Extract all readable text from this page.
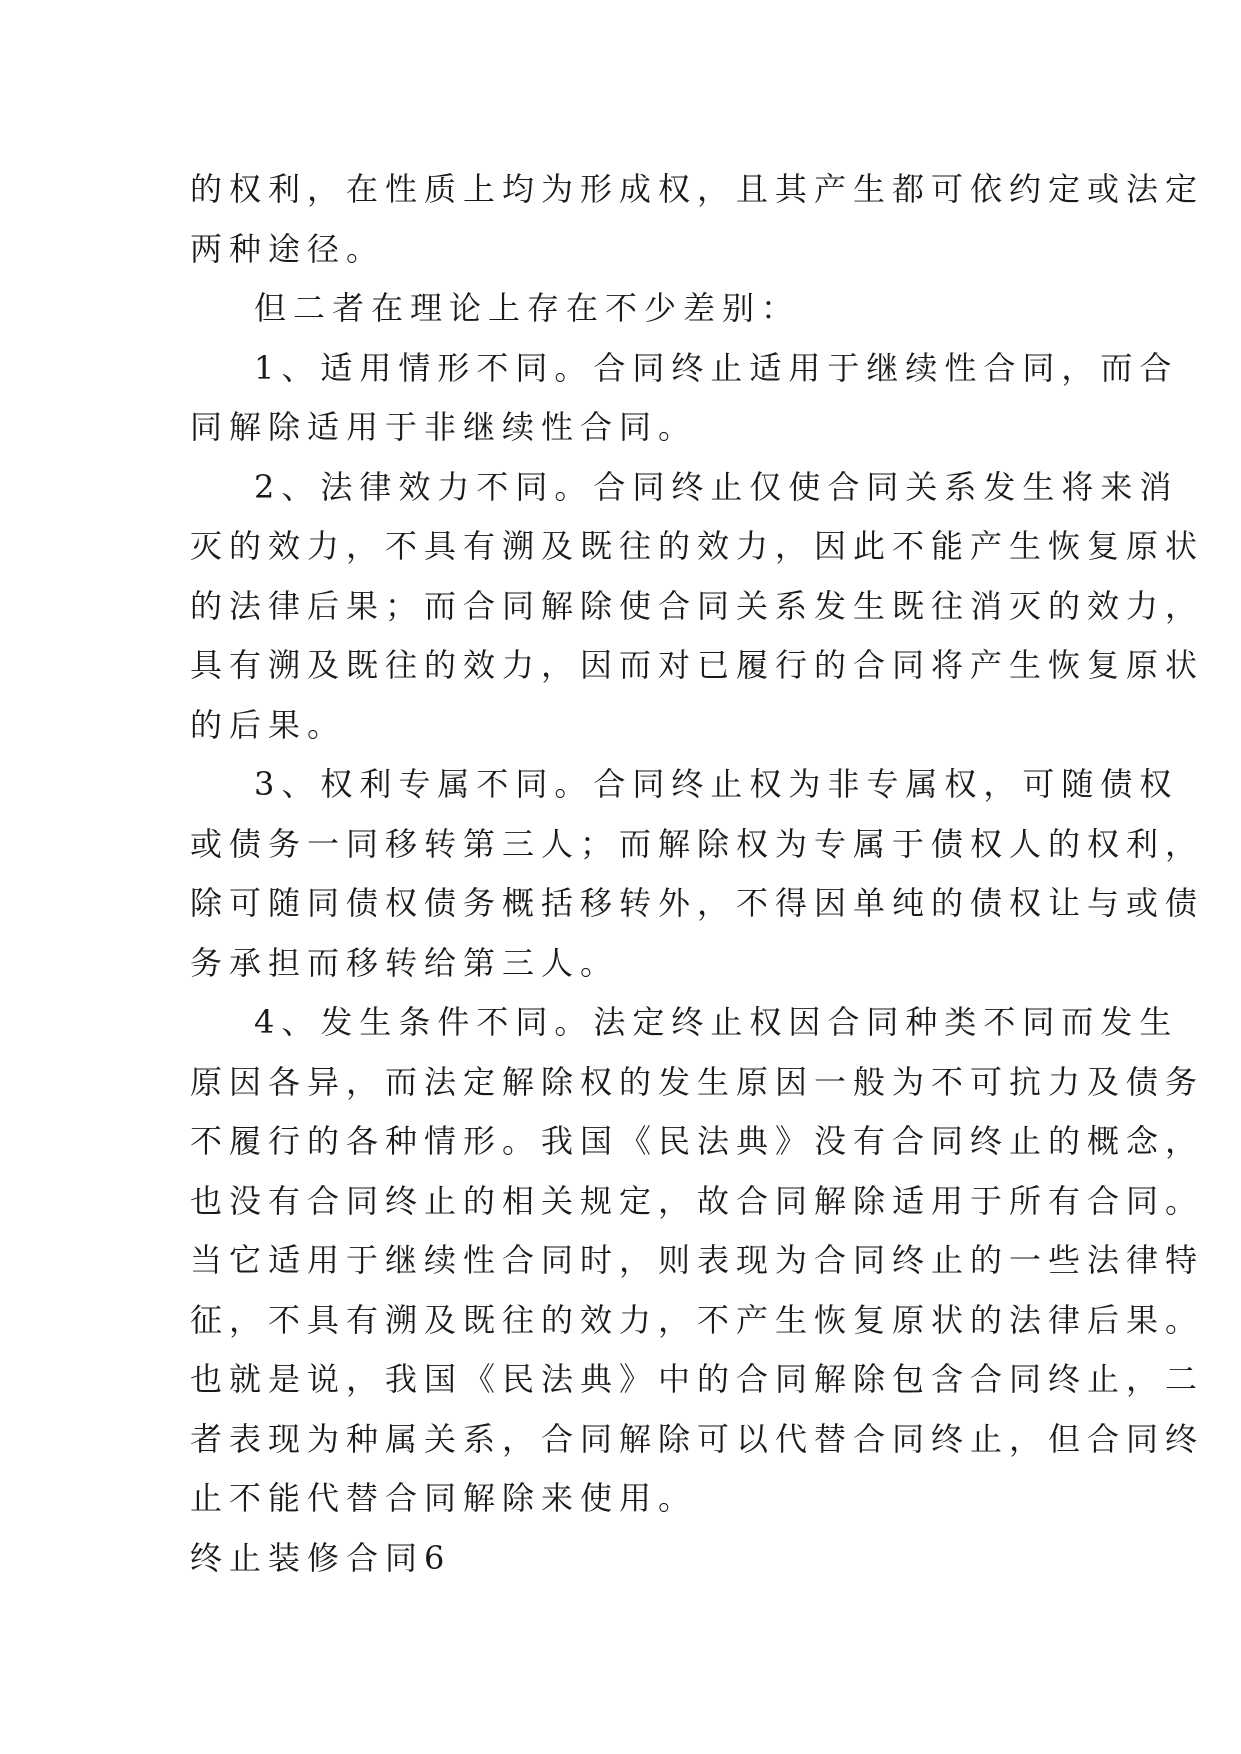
的权利，在性质上均为形成权，且其产生都可依约定或法定
两种途径。
但二者在理论上存在不少差别：
1、适用情形不同。合同终止适用于继续性合同，而合
同解除适用于非继续性合同。
2、法律效力不同。合同终止仅使合同关系发生将来消
灭的效力，不具有溯及既往的效力，因此不能产生恢复原状
的法律后果；而合同解除使合同关系发生既往消灭的效力，
具有溯及既往的效力，因而对已履行的合同将产生恢复原状
的后果。
3、权利专属不同。合同终止权为非专属权，可随债权
或债务一同移转第三人；而解除权为专属于债权人的权利，
除可随同债权债务概括移转外，不得因单纯的债权让与或债
务承担而移转给第三人。
4、发生条件不同。法定终止权因合同种类不同而发生
原因各异，而法定解除权的发生原因一般为不可抗力及债务
不履行的各种情形。我国《民法典》没有合同终止的概念，
也没有合同终止的相关规定，故合同解除适用于所有合同。
当它适用于继续性合同时，则表现为合同终止的一些法律特
征，不具有溯及既往的效力，不产生恢复原状的法律后果。
也就是说，我国《民法典》中的合同解除包含合同终止，二
者表现为种属关系，合同解除可以代替合同终止，但合同终
止不能代替合同解除来使用。
终止装修合同6
